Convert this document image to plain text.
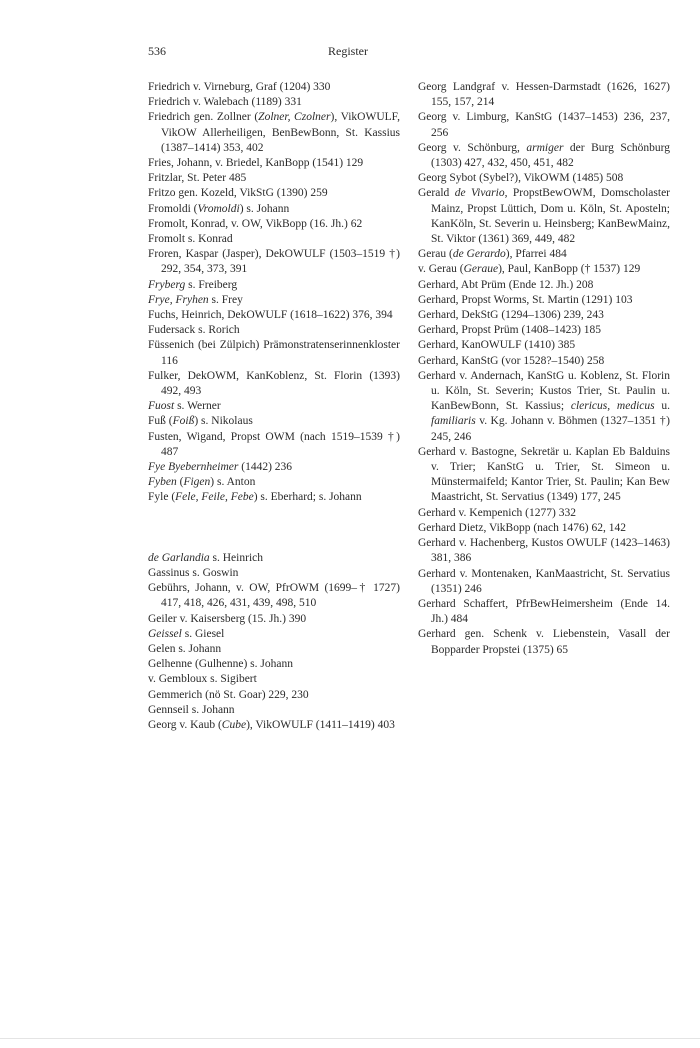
536	Register

Friedrich v. Virneburg, Graf (1204) 330

Friedrich v. Walebach (1189) 331

Friedrich gen. Zollner (Zolner, Czolner), VikOWULF, VikOW Allerheiligen, BenBewBonn, St. Kassius (1387–1414) 353, 402

Fries, Johann, v. Briedel, KanBopp (1541) 129

Fritzlar, St. Peter 485

Fritzo gen. Kozeld, VikStG (1390) 259

Fromoldi (Vromoldi) s. Johann

Fromolt, Konrad, v. OW, VikBopp (16. Jh.) 62

Fromolt s. Konrad

Froren, Kaspar (Jasper), DekOWULF (1503–1519 †) 292, 354, 373, 391

Fryberg s. Freiberg

Frye, Fryhen s. Frey

Fuchs, Heinrich, DekOWULF (1618–1622) 376, 394

Fudersack s. Rorich

Füssenich (bei Zülpich) Prämonstratenserinnenkloster 116

Fulker, DekOWM, KanKoblenz, St. Florin (1393) 492, 493

Fuost s. Werner

Fuß (Foiß) s. Nikolaus

Fusten, Wigand, Propst OWM (nach 1519–1539 †) 487

Fye Byebernheimer (1442) 236

Fyben (Figen) s. Anton

Fyle (Fele, Feile, Febe) s. Eberhard; s. Johann

de Garlandia s. Heinrich

Gassinus s. Goswin

Gebührs, Johann, v. OW, PfrOWM (1699–† 1727) 417, 418, 426, 431, 439, 498, 510

Geiler v. Kaisersberg (15. Jh.) 390

Geissel s. Giesel

Gelen s. Johann

Gelhenne (Gulhenne) s. Johann

v. Gembloux s. Sigibert

Gemmerich (nö St. Goar) 229, 230

Gennseil s. Johann

Georg v. Kaub (Cube), VikOWULF (1411–1419) 403

Georg Landgraf v. Hessen-Darmstadt (1626, 1627) 155, 157, 214

Georg v. Limburg, KanStG (1437–1453) 236, 237, 256

Georg v. Schönburg, armiger der Burg Schönburg (1303) 427, 432, 450, 451, 482

Georg Sybot (Sybel?), VikOWM (1485) 508

Gerald de Vivario, PropstBewOWM, Domscholaster Mainz, Propst Lüttich, Dom u. Köln, St. Aposteln; KanKöln, St. Severin u. Heinsberg; KanBewMainz, St. Viktor (1361) 369, 449, 482

Gerau (de Gerardo), Pfarrei 484

v. Gerau (Geraue), Paul, KanBopp († 1537) 129

Gerhard, Abt Prüm (Ende 12. Jh.) 208

Gerhard, Propst Worms, St. Martin (1291) 103

Gerhard, DekStG (1294–1306) 239, 243

Gerhard, Propst Prüm (1408–1423) 185

Gerhard, KanOWULF (1410) 385

Gerhard, KanStG (vor 1528?–1540) 258

Gerhard v. Andernach, KanStG u. Koblenz, St. Florin u. Köln, St. Severin; Kustos Trier, St. Paulin u. KanBewBonn, St. Kassius; clericus, medicus u. familiaris v. Kg. Johann v. Böhmen (1327–1351 †) 245, 246

Gerhard v. Bastogne, Sekretär u. Kaplan Eb Balduins v. Trier; KanStG u. Trier, St. Simeon u. Münstermaifeld; Kantor Trier, St. Paulin; Kan Bew Maastricht, St. Servatius (1349) 177, 245

Gerhard v. Kempenich (1277) 332

Gerhard Dietz, VikBopp (nach 1476) 62, 142

Gerhard v. Hachenberg, Kustos OWULF (1423–1463) 381, 386

Gerhard v. Montenaken, KanMaastricht, St. Servatius (1351) 246

Gerhard Schaffert, PfrBewHeimersheim (Ende 14. Jh.) 484

Gerhard gen. Schenk v. Liebenstein, Vasall der Bopparder Propstei (1375) 65
